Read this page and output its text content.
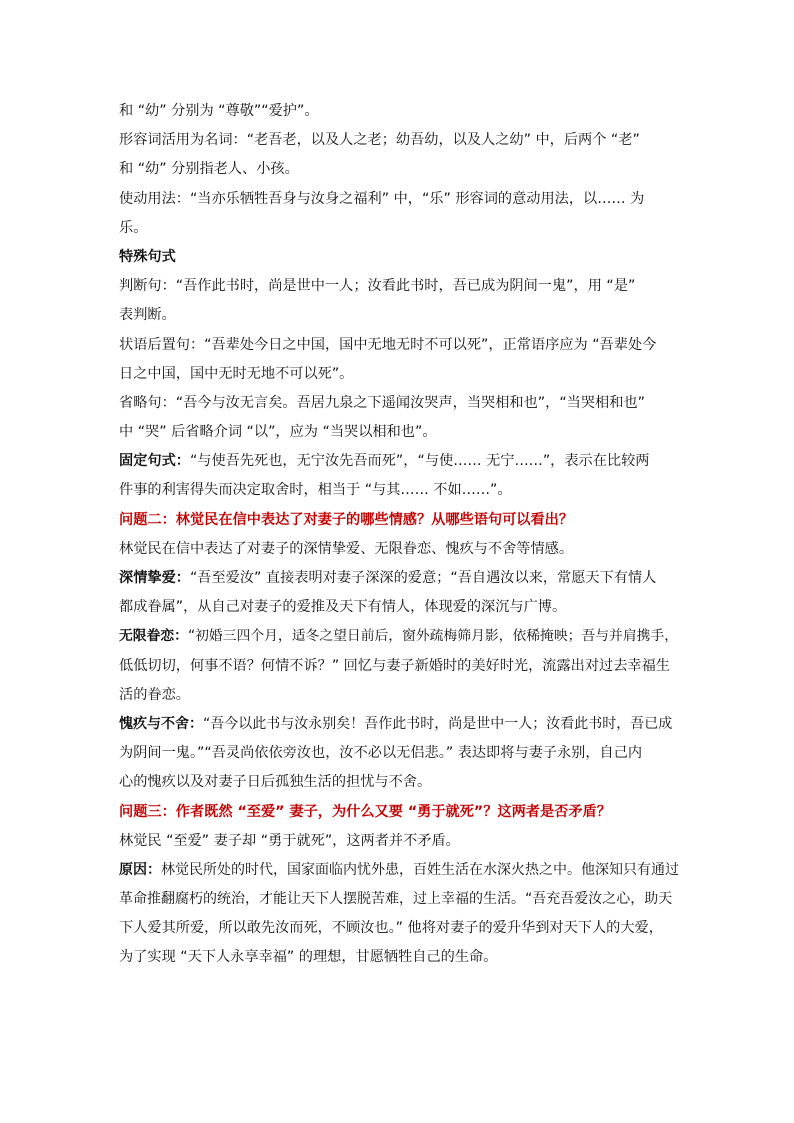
和 “幼” 分别为 “尊敬”“爱护”。
形容词活用为名词：“老吾老，以及人之老；幼吾幼，以及人之幼” 中，后两个 “老”
和 “幼” 分别指老人、小孩。
使动用法：“当亦乐牺牲吾身与汝身之福利” 中，“乐” 形容词的意动用法，以…… 为
乐。
特殊句式
判断句：“吾作此书时，尚是世中一人；汝看此书时，吾已成为阴间一鬼”，用 “是”
表判断。
状语后置句：“吾辈处今日之中国，国中无地无时不可以死”，正常语序应为 “吾辈处今
日之中国，国中无时无地不可以死”。
省略句：“吾今与汝无言矣。吾居九泉之下遥闻汝哭声，当哭相和也”，“当哭相和也”
中 “哭” 后省略介词 “以”，应为 “当哭以相和也”。
固定句式：“与使吾先死也，无宁汝先吾而死”，“与使…… 无宁……”，表示在比较两
件事的利害得失而决定取舍时，相当于 “与其…… 不如……”。
问题二：林觉民在信中表达了对妻子的哪些情感？从哪些语句可以看出？
林觉民在信中表达了对妻子的深情挚爱、无限眷恋、愧疚与不舍等情感。
深情挚爱：“吾至爱汝” 直接表明对妻子深深的爱意；“吾自遇汝以来，常愿天下有情人
都成眷属”，从自己对妻子的爱推及天下有情人，体现爱的深沉与广博。
无限眷恋：“初婚三四个月，适冬之望日前后，窗外疏梅筛月影，依稀掩映；吾与并肩携手，
低低切切，何事不语？何情不诉？” 回忆与妻子新婚时的美好时光，流露出对过去幸福生
活的眷恋。
愧疚与不舍：“吾今以此书与汝永别矣！吾作此书时，尚是世中一人；汝看此书时，吾已成
为阴间一鬼。”“吾灵尚依依旁汝也，汝不必以无侣悲。” 表达即将与妻子永别，自己内
心的愧疚以及对妻子日后孤独生活的担忧与不舍。
问题三：作者既然 “至爱” 妻子，为什么又要 “勇于就死”？这两者是否矛盾？
林觉民 “至爱” 妻子却 “勇于就死”，这两者并不矛盾。
原因：林觉民所处的时代，国家面临内忧外患，百姓生活在水深火热之中。他深知只有通过
革命推翻腐朽的统治，才能让天下人摆脱苦难，过上幸福的生活。“吾充吾爱汝之心，助天
下人爱其所爱，所以敢先汝而死，不顾汝也。” 他将对妻子的爱升华到对天下人的大爱，
为了实现 “天下人永享幸福” 的理想，甘愿牺牲自己的生命。
